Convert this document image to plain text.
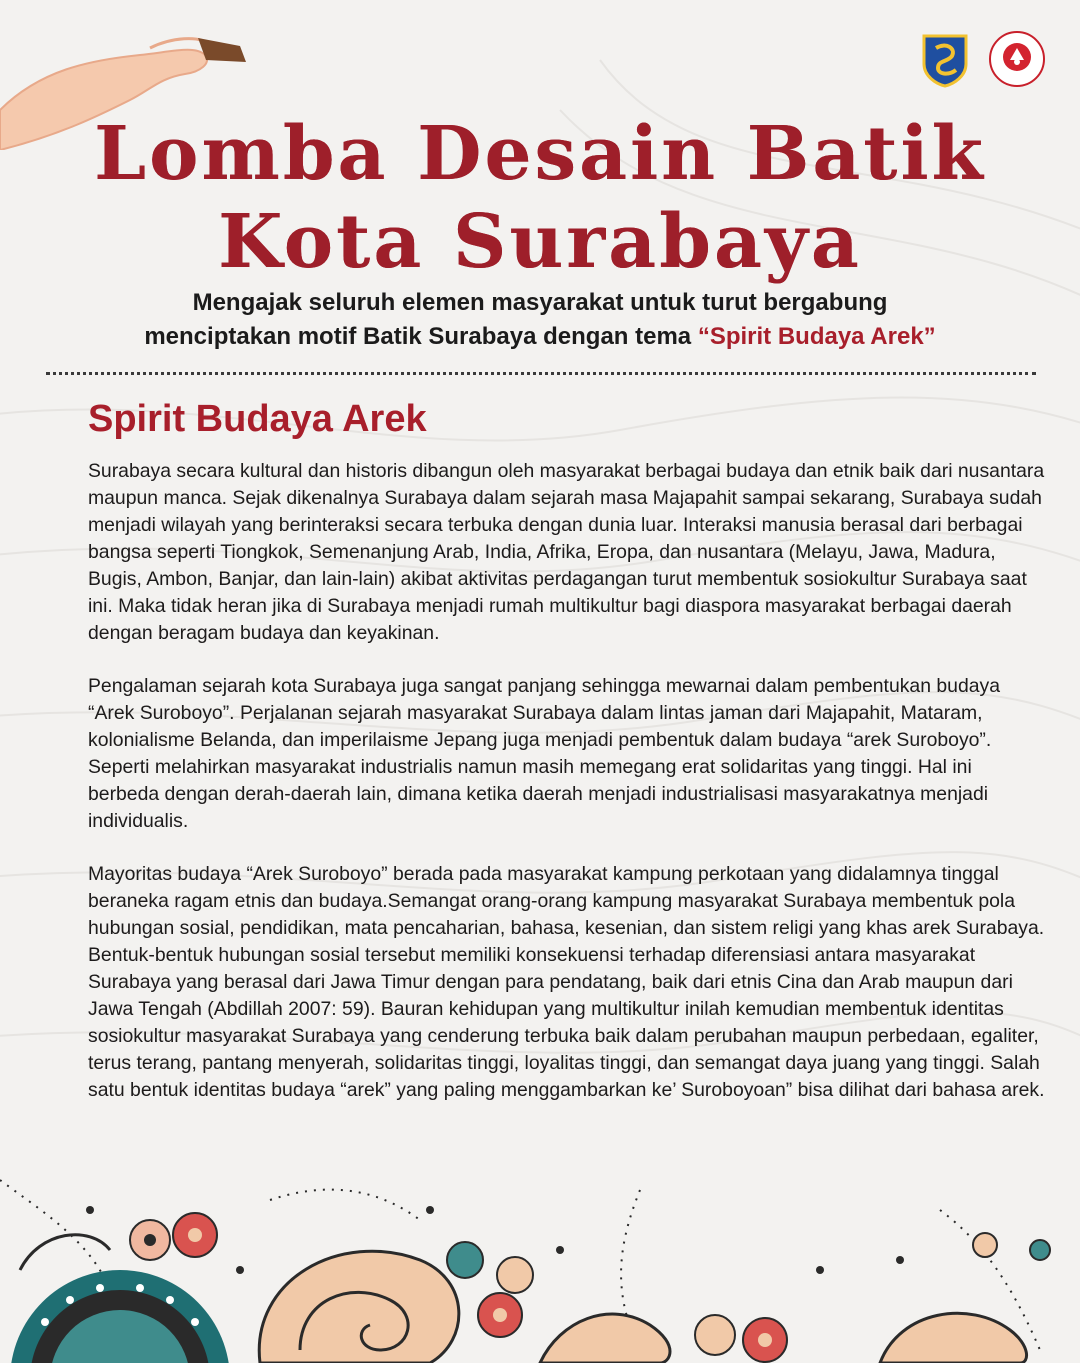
Lomba Desain Batik
Kota Surabaya
Mengajak seluruh elemen masyarakat untuk turut bergabung
menciptakan motif Batik Surabaya dengan tema “Spirit Budaya Arek”
Spirit Budaya Arek

Surabaya secara kultural dan historis dibangun oleh masyarakat berbagai budaya dan etnik baik dari nusantara maupun manca. Sejak dikenalnya Surabaya dalam sejarah masa Majapahit sampai sekarang, Surabaya sudah menjadi wilayah yang berinteraksi secara terbuka dengan dunia luar. Interaksi manusia berasal dari berbagai bangsa seperti Tiongkok, Semenanjung Arab, India, Afrika, Eropa, dan nusantara (Melayu, Jawa, Madura, Bugis, Ambon, Banjar, dan lain-lain) akibat aktivitas perdagangan turut membentuk sosiokultur Surabaya saat ini. Maka tidak heran jika di Surabaya menjadi rumah multikultur bagi diaspora masyarakat berbagai daerah dengan beragam budaya dan keyakinan.

Pengalaman sejarah kota Surabaya juga sangat panjang sehingga mewarnai dalam pembentukan budaya “Arek Suroboyo”. Perjalanan sejarah masyarakat Surabaya dalam lintas jaman dari Majapahit, Mataram, kolonialisme Belanda, dan imperilaisme Jepang juga menjadi pembentuk dalam budaya “arek Suroboyo”. Seperti melahirkan masyarakat industrialis namun masih memegang erat solidaritas yang tinggi. Hal ini berbeda dengan derah-daerah lain, dimana ketika daerah menjadi industrialisasi masyarakatnya menjadi individualis.

Mayoritas budaya “Arek Suroboyo” berada pada masyarakat kampung perkotaan yang didalamnya tinggal beraneka ragam etnis dan budaya.Semangat orang-orang kampung masyarakat Surabaya membentuk pola hubungan sosial, pendidikan, mata pencaharian, bahasa, kesenian, dan sistem religi yang khas arek Surabaya. Bentuk-bentuk hubungan sosial tersebut memiliki konsekuensi terhadap diferensiasi antara masyarakat Surabaya yang berasal dari Jawa Timur dengan para pendatang, baik dari etnis Cina dan Arab maupun dari Jawa Tengah (Abdillah 2007: 59). Bauran kehidupan yang multikultur inilah kemudian membentuk identitas sosiokultur masyarakat Surabaya yang cenderung terbuka baik dalam perubahan maupun perbedaan, egaliter, terus terang, pantang menyerah, solidaritas tinggi, loyalitas tinggi, dan semangat daya juang yang tinggi. Salah satu bentuk identitas budaya “arek” yang paling menggambarkan ke’ Suroboyoan” bisa dilihat dari bahasa arek.
